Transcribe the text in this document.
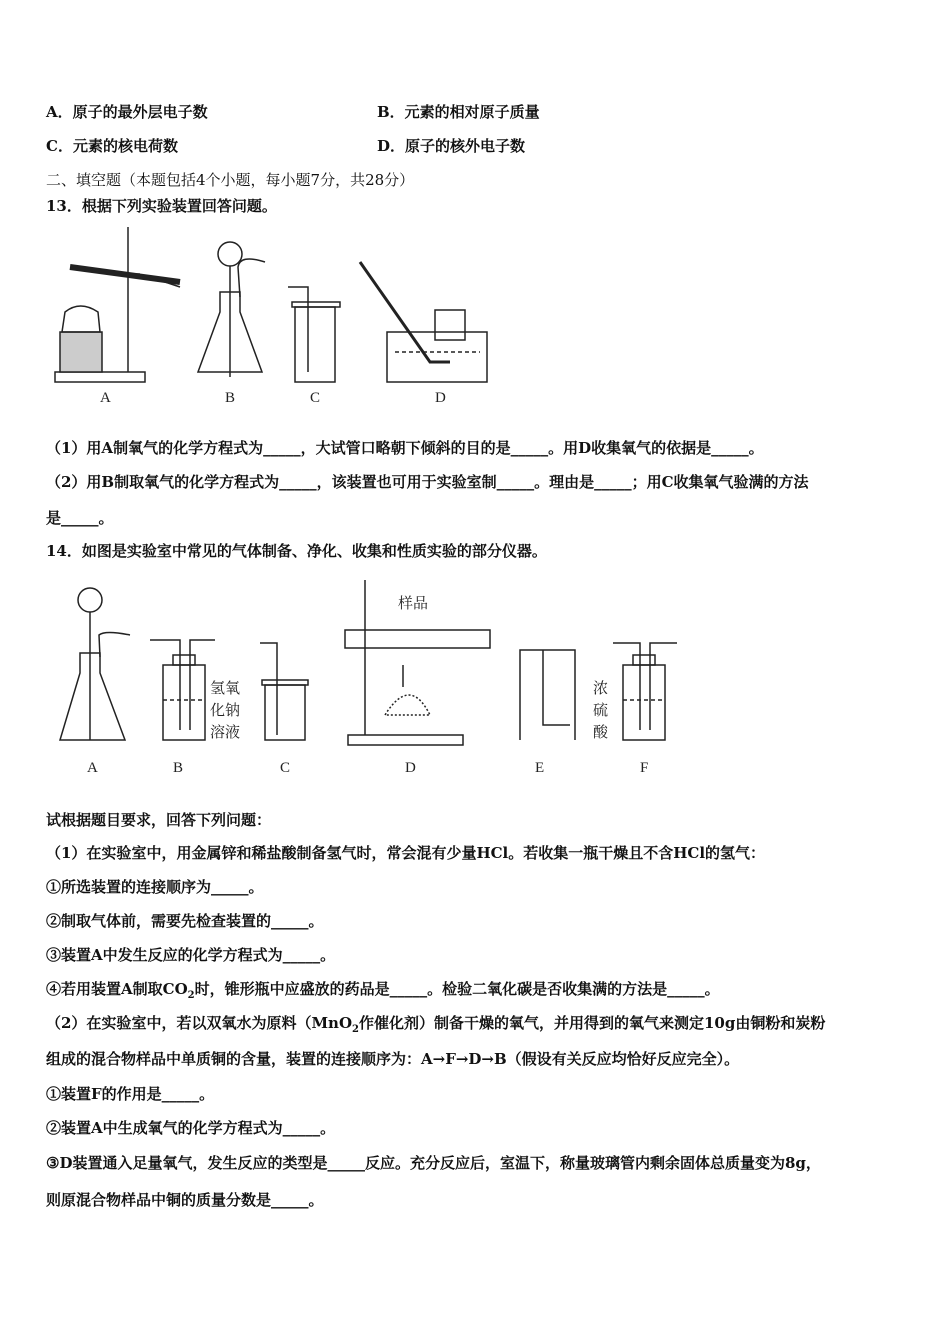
A．原子的最外层电子数	B．元素的相对原子质量
C．元素的核电荷数	D．原子的核外电子数
二、填空题（本题包括4个小题，每小题7分，共28分）
13．根据下列实验装置回答问题。
A	B	C	D
（1）用A制氧气的化学方程式为_____，大试管口略朝下倾斜的目的是_____。用D收集氧气的依据是_____。
（2）用B制取氧气的化学方程式为_____，该装置也可用于实验室制_____。理由是_____；用C收集氧气验满的方法
是_____。
14．如图是实验室中常见的气体制备、净化、收集和性质实验的部分仪器。
A
氢氧
化钠
溶液
B	C
样品
D	E
浓
硫
酸
F
试根据题目要求，回答下列问题：
（1）在实验室中，用金属锌和稀盐酸制备氢气时，常会混有少量HCl。若收集一瓶干燥且不含HCl的氢气：
①所选装置的连接顺序为_____。
②制取气体前，需要先检查装置的_____。
③装置A中发生反应的化学方程式为_____。
④若用装置A制取$CO_2$时，锥形瓶中应盛放的药品是_____。检验二氧化碳是否收集满的方法是_____。
（2）在实验室中，若以双氧水为原料（MnO$_2$作催化剂）制备干燥的氧气，并用得到的氧气来测定10g由铜粉和炭粉
组成的混合物样品中单质铜的含量，装置的连接顺序为：A→F→D→B（假设有关反应均恰好反应完全）。
①装置F的作用是_____。
②装置A中生成氧气的化学方程式为_____。
③D装置通入足量氧气，发生反应的类型是_____反应。充分反应后，室温下，称量玻璃管内剩余固体总质量变为8g，
则原混合物样品中铜的质量分数是_____。
